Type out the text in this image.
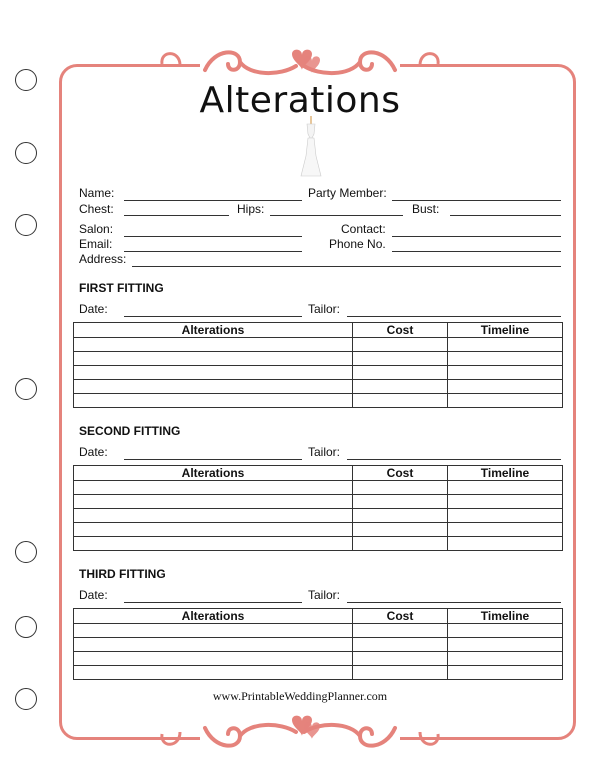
Alterations
Name:	Party Member:
Chest:	Hips:	Bust:
Salon:	Contact:
Email:	Phone No.
Address:
FIRST FITTING
Date:	Tailor:
Alterations	Cost	Timeline

SECOND FITTING
Date:	Tailor:
Alterations	Cost	Timeline

THIRD FITTING
Date:	Tailor:
Alterations	Cost	Timeline

www.PrintableWeddingPlanner.com
